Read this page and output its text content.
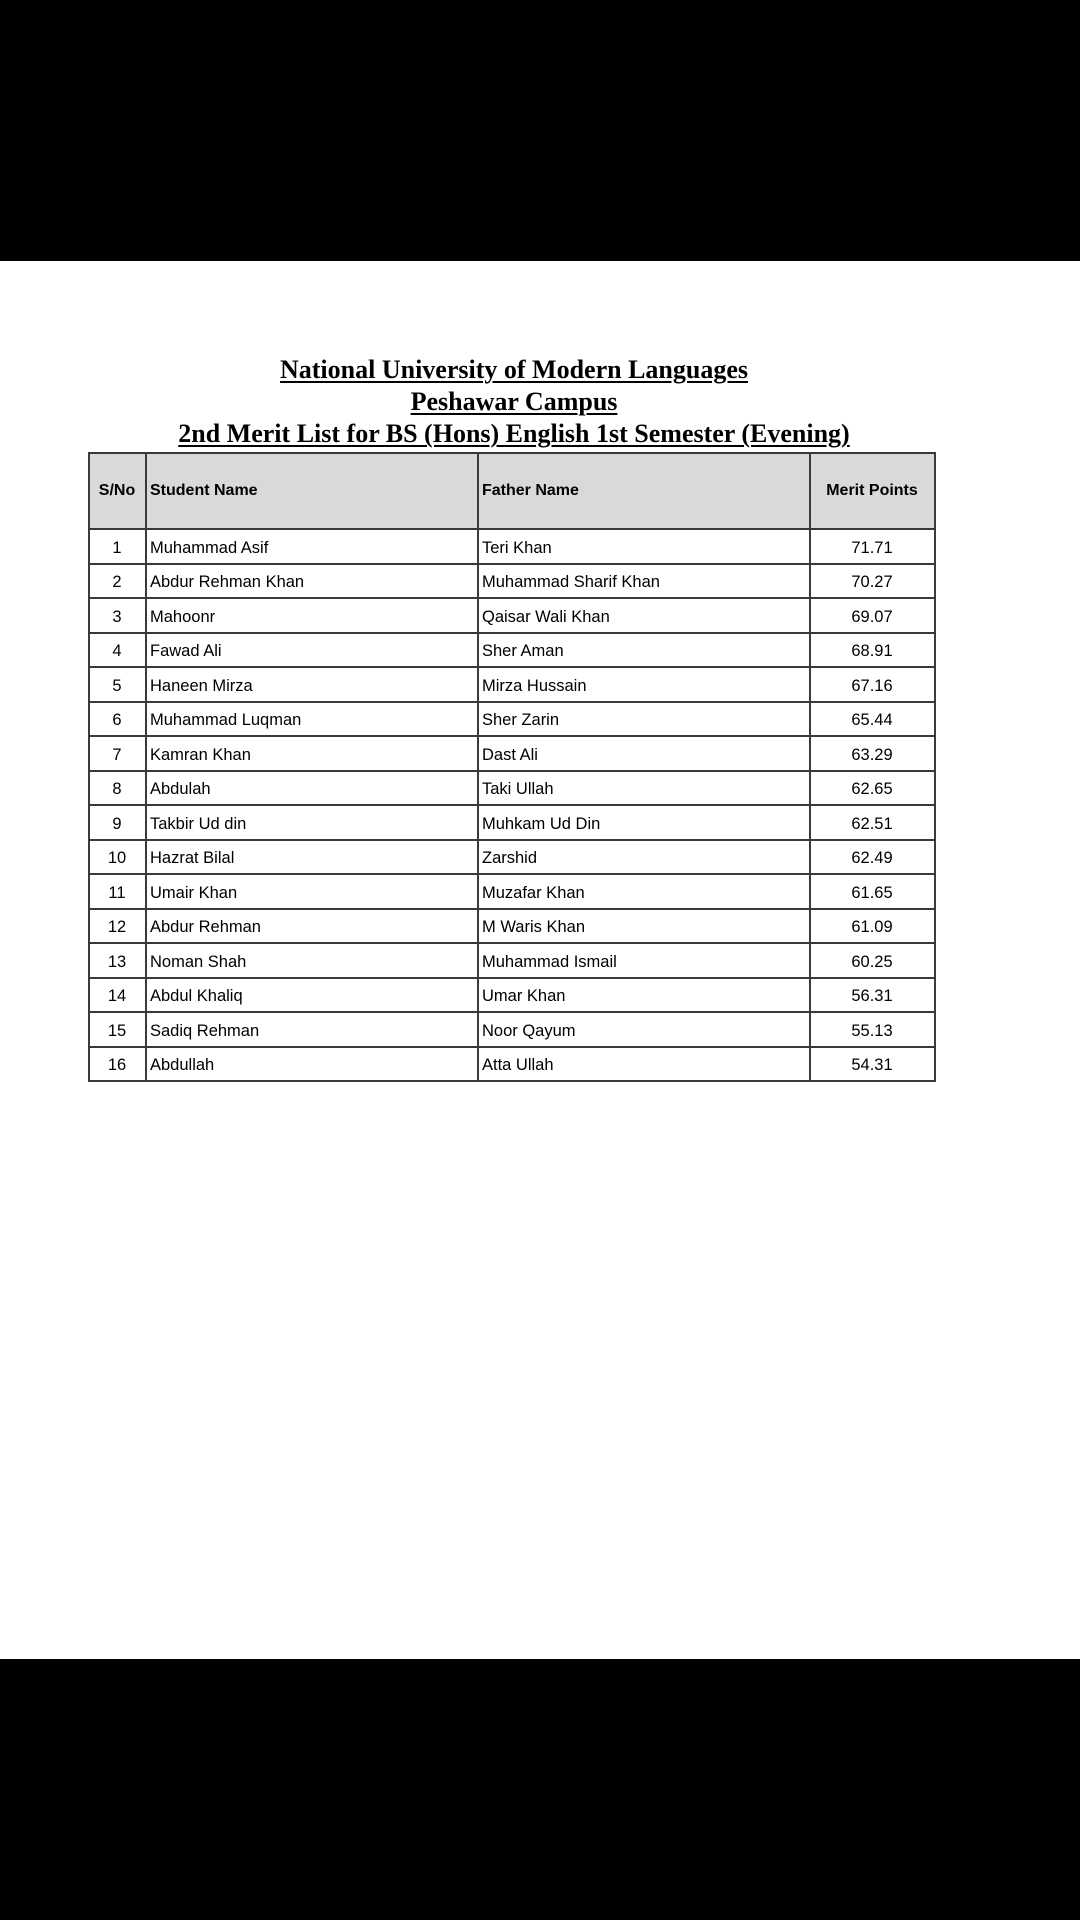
National University of Modern Languages
Peshawar Campus
2nd Merit List for BS (Hons) English 1st Semester (Evening)
S/No	Student Name	Father Name	Merit Points
1	Muhammad Asif	Teri Khan	71.71
2	Abdur Rehman Khan	Muhammad Sharif Khan	70.27
3	Mahoonr	Qaisar Wali Khan	69.07
4	Fawad Ali	Sher Aman	68.91
5	Haneen Mirza	Mirza Hussain	67.16
6	Muhammad Luqman	Sher Zarin	65.44
7	Kamran Khan	Dast Ali	63.29
8	Abdulah	Taki Ullah	62.65
9	Takbir Ud din	Muhkam Ud Din	62.51
10	Hazrat Bilal	Zarshid	62.49
11	Umair Khan	Muzafar Khan	61.65
12	Abdur Rehman	M Waris Khan	61.09
13	Noman Shah	Muhammad Ismail	60.25
14	Abdul Khaliq	Umar Khan	56.31
15	Sadiq Rehman	Noor Qayum	55.13
16	Abdullah	Atta Ullah	54.31
